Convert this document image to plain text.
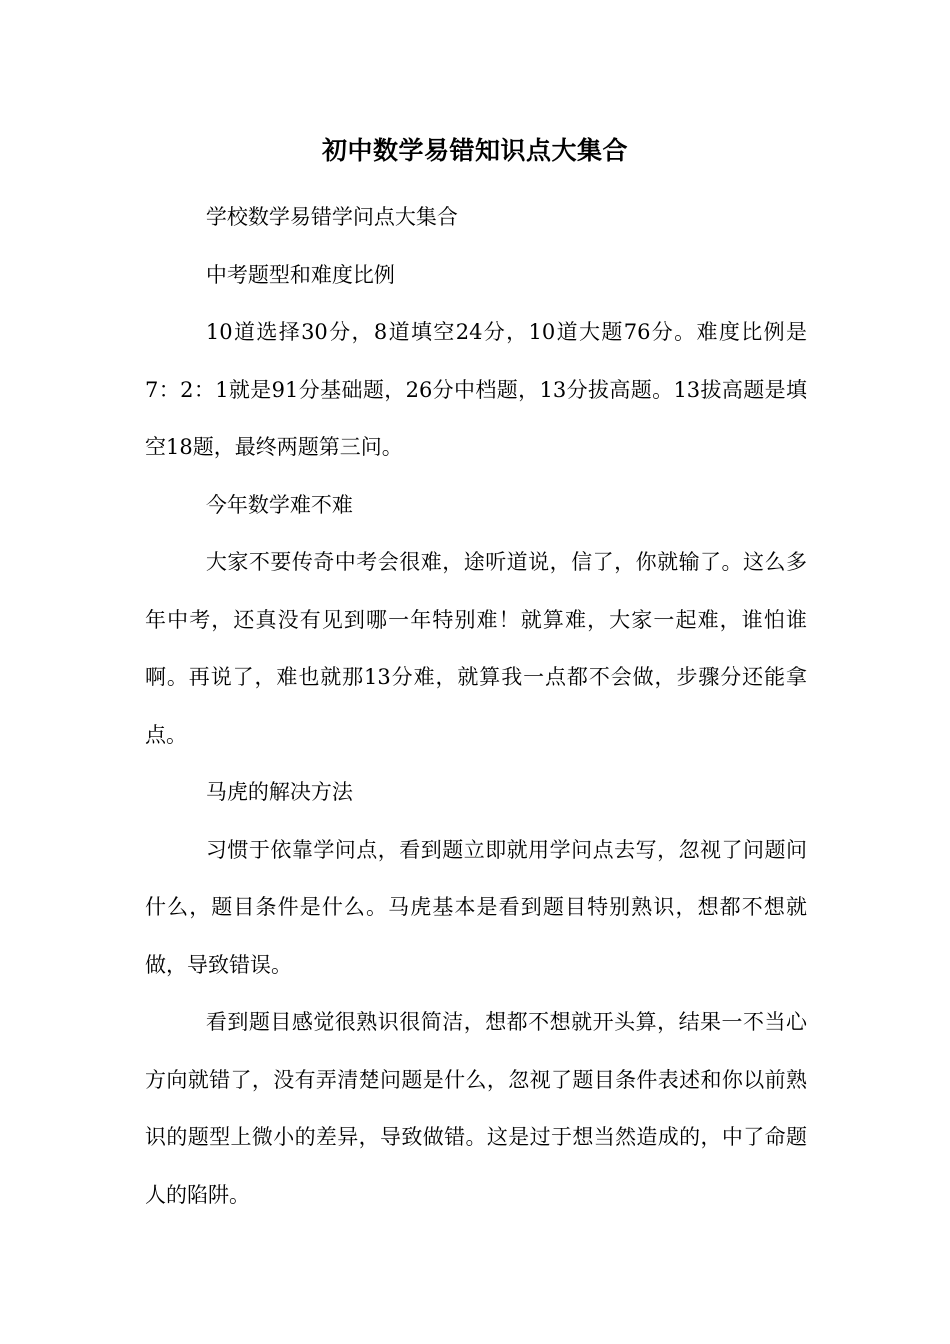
初中数学易错知识点大集合

学校数学易错学问点大集合

中考题型和难度比例

10道选择30分，8道填空24分，10道大题76分。难度比例是7：2：1就是91分基础题，26分中档题，13分拔高题。13拔高题是填空18题，最终两题第三问。

今年数学难不难

大家不要传奇中考会很难，途听道说，信了，你就输了。这么多年中考，还真没有见到哪一年特别难！就算难，大家一起难，谁怕谁啊。再说了，难也就那13分难，就算我一点都不会做，步骤分还能拿点。

马虎的解决方法

习惯于依靠学问点，看到题立即就用学问点去写，忽视了问题问什么，题目条件是什么。马虎基本是看到题目特别熟识，想都不想就做，导致错误。

看到题目感觉很熟识很简洁，想都不想就开头算，结果一不当心方向就错了，没有弄清楚问题是什么，忽视了题目条件表述和你以前熟识的题型上微小的差异，导致做错。这是过于想当然造成的，中了命题人的陷阱。
